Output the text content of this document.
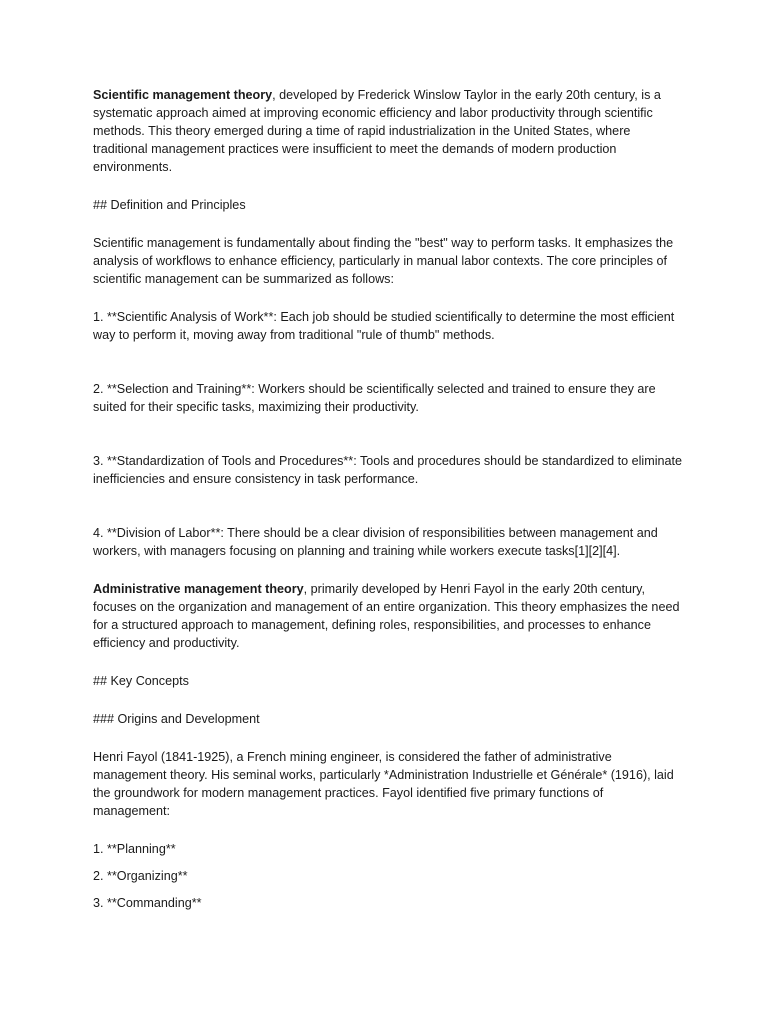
Scientific management theory, developed by Frederick Winslow Taylor in the early 20th century, is a systematic approach aimed at improving economic efficiency and labor productivity through scientific methods. This theory emerged during a time of rapid industrialization in the United States, where traditional management practices were insufficient to meet the demands of modern production environments.

## Definition and Principles

Scientific management is fundamentally about finding the "best" way to perform tasks. It emphasizes the analysis of workflows to enhance efficiency, particularly in manual labor contexts. The core principles of scientific management can be summarized as follows:

1. **Scientific Analysis of Work**: Each job should be studied scientifically to determine the most efficient way to perform it, moving away from traditional "rule of thumb" methods.

2. **Selection and Training**: Workers should be scientifically selected and trained to ensure they are suited for their specific tasks, maximizing their productivity.

3. **Standardization of Tools and Procedures**: Tools and procedures should be standardized to eliminate inefficiencies and ensure consistency in task performance.

4. **Division of Labor**: There should be a clear division of responsibilities between management and workers, with managers focusing on planning and training while workers execute tasks[1][2][4].

Administrative management theory, primarily developed by Henri Fayol in the early 20th century, focuses on the organization and management of an entire organization. This theory emphasizes the need for a structured approach to management, defining roles, responsibilities, and processes to enhance efficiency and productivity.

## Key Concepts

### Origins and Development

Henri Fayol (1841-1925), a French mining engineer, is considered the father of administrative management theory. His seminal works, particularly *Administration Industrielle et Générale* (1916), laid the groundwork for modern management practices. Fayol identified five primary functions of management:

1. **Planning**

2. **Organizing**

3. **Commanding**
